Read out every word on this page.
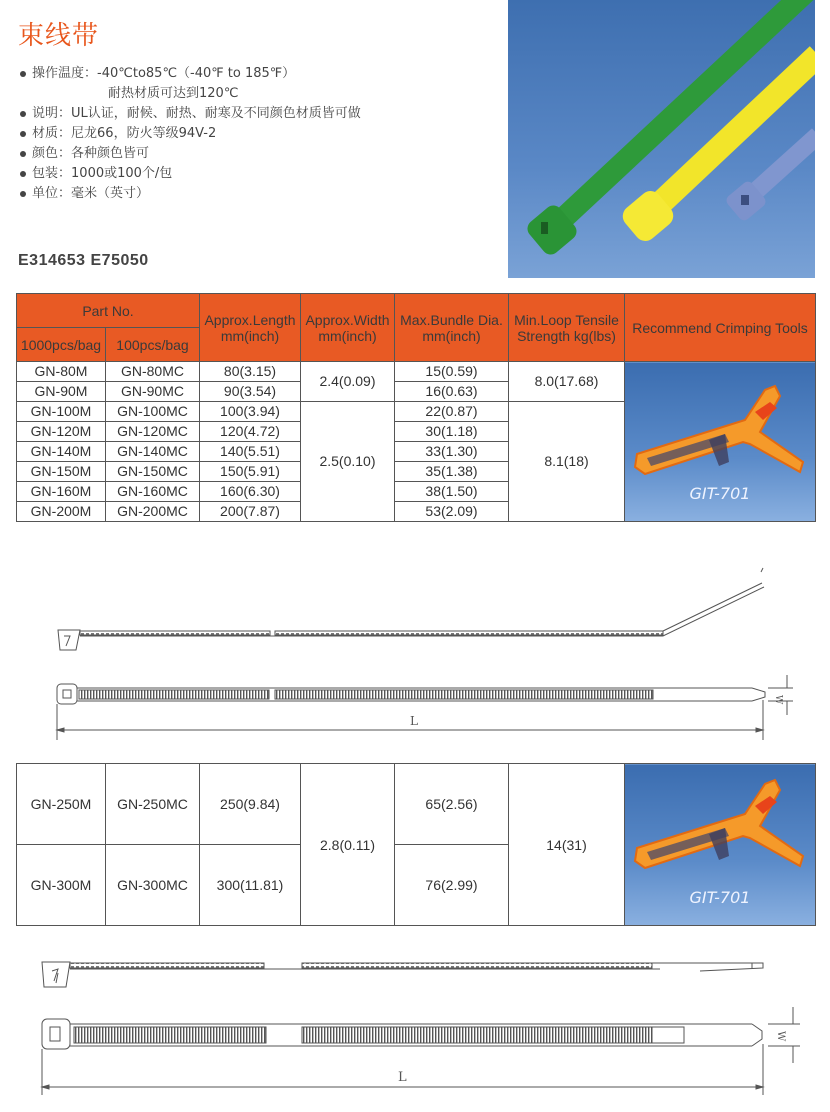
束线带
操作温度：-40℃to85℃（-40℉ to 185℉）
耐热材质可达到120℃
说明：UL认证，耐候、耐热、耐寒及不同颜色材质皆可做
材质：尼龙66，防火等级94V-2
颜色：各种颜色皆可
包装：1000或100个/包
单位：毫米（英寸）
E314653 E75050
Part No.		Approx.Length mm(inch)	Approx.Width mm(inch)	Max.Bundle Dia. mm(inch)	Min.Loop Tensile Strength kg(lbs)	Recommend Crimping Tools
1000pcs/bag	100pcs/bag					
GN-80M	GN-80MC	80(3.15)	2.4(0.09)	15(0.59)	8.0(17.68)	GIT-701

GN-90M	GN-90MC	90(3.54)		16(0.63)		
GN-100M	GN-100MC	100(3.94)	2.5(0.10)	22(0.87)	8.1(18)	
GN-120M	GN-120MC	120(4.72)		30(1.18)		
GN-140M	GN-140MC	140(5.51)		33(1.30)		
GN-150M	GN-150MC	150(5.91)		35(1.38)		
GN-160M	GN-160MC	160(6.30)		38(1.50)		
GN-200M	GN-200MC	200(7.87)		53(2.09)		
L
W
GN-250M	GN-250MC	250(9.84)	2.8(0.11)	65(2.56)	14(31)	GIT-701

GN-300M	GN-300MC	300(11.81)		76(2.99)		
L
W
